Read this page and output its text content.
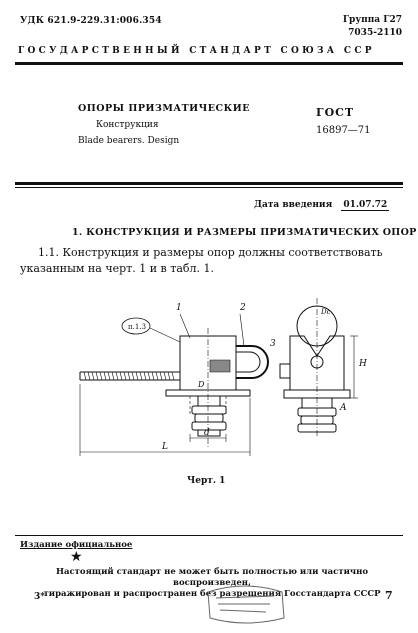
УДК 621.9-229.31:006.354	Группа Г27
7035-2110
ГОСУДАРСТВЕННЫЙ СТАНДАРТ СОЮЗА ССР
ОПОРЫ ПРИЗМАТИЧЕСКИЕ
Конструкция
Blade bearers. Design
ГОСТ
16897—71
Дата введения 01.07.72
1. КОНСТРУКЦИЯ И РАЗМЕРЫ ПРИЗМАТИЧЕСКИХ ОПОР
1.1. Конструкция и размеры опор должны соответствовать указанным на черт. 1 и в табл. 1.
п.1.3
1	2
3
D
d
L
H
A
Dс
Черт. 1
Издание официальное
★
Настоящий стандарт не может быть полностью или частично воспроизведен,
тиражирован и распространен без разрешения Госстандарта СССР
3*	7
